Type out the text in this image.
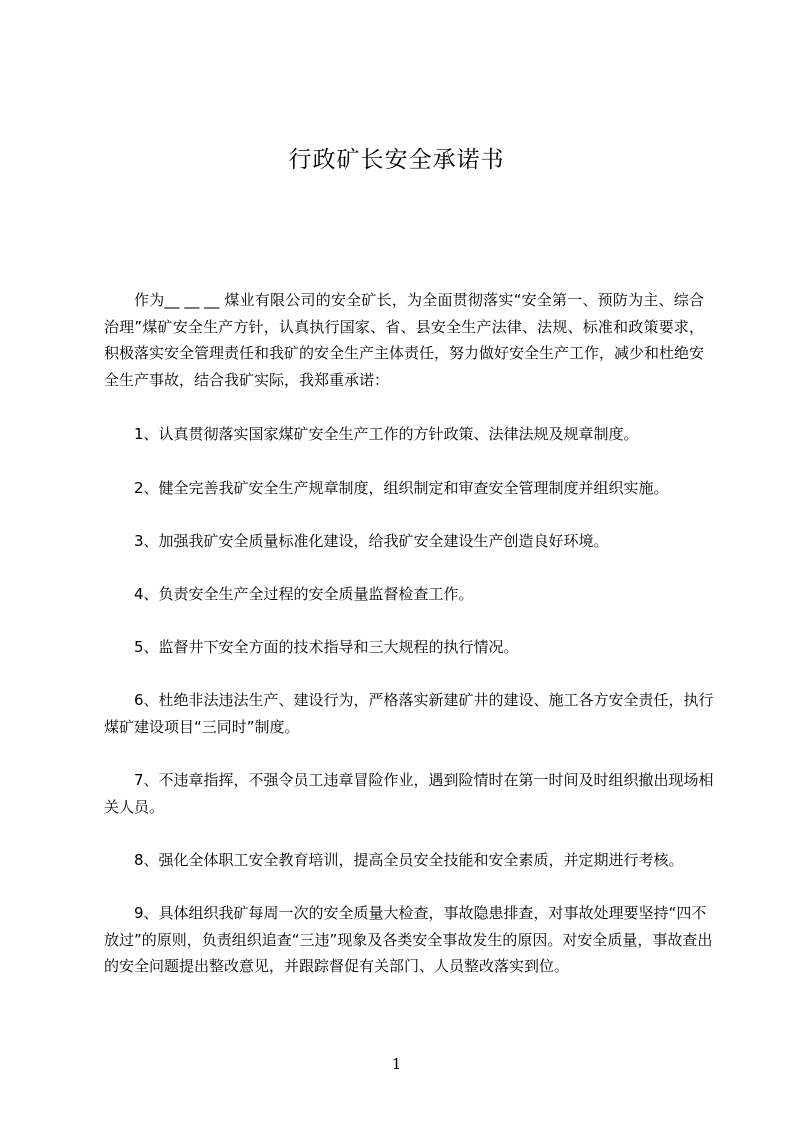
行政矿长安全承诺书
作为__ __ __ 煤业有限公司的安全矿长，为全面贯彻落实“安全第一、预防为主、综合治理”煤矿安全生产方针，认真执行国家、省、县安全生产法律、法规、标准和政策要求，积极落实安全管理责任和我矿的安全生产主体责任，努力做好安全生产工作，减少和杜绝安全生产事故，结合我矿实际，我郑重承诺：
1、认真贯彻落实国家煤矿安全生产工作的方针政策、法律法规及规章制度。
2、健全完善我矿安全生产规章制度，组织制定和审查安全管理制度并组织实施。
3、加强我矿安全质量标准化建设，给我矿安全建设生产创造良好环境。
4、负责安全生产全过程的安全质量监督检查工作。
5、监督井下安全方面的技术指导和三大规程的执行情况。
6、杜绝非法违法生产、建设行为，严格落实新建矿井的建设、施工各方安全责任，执行煤矿建设项目“三同时”制度。
7、不违章指挥，不强令员工违章冒险作业，遇到险情时在第一时间及时组织撤出现场相关人员。
8、强化全体职工安全教育培训，提高全员安全技能和安全素质，并定期进行考核。
9、具体组织我矿每周一次的安全质量大检查，事故隐患排查，对事故处理要坚持“四不放过”的原则，负责组织追查“三违”现象及各类安全事故发生的原因。对安全质量，事故查出的安全问题提出整改意见，并跟踪督促有关部门、人员整改落实到位。
1
